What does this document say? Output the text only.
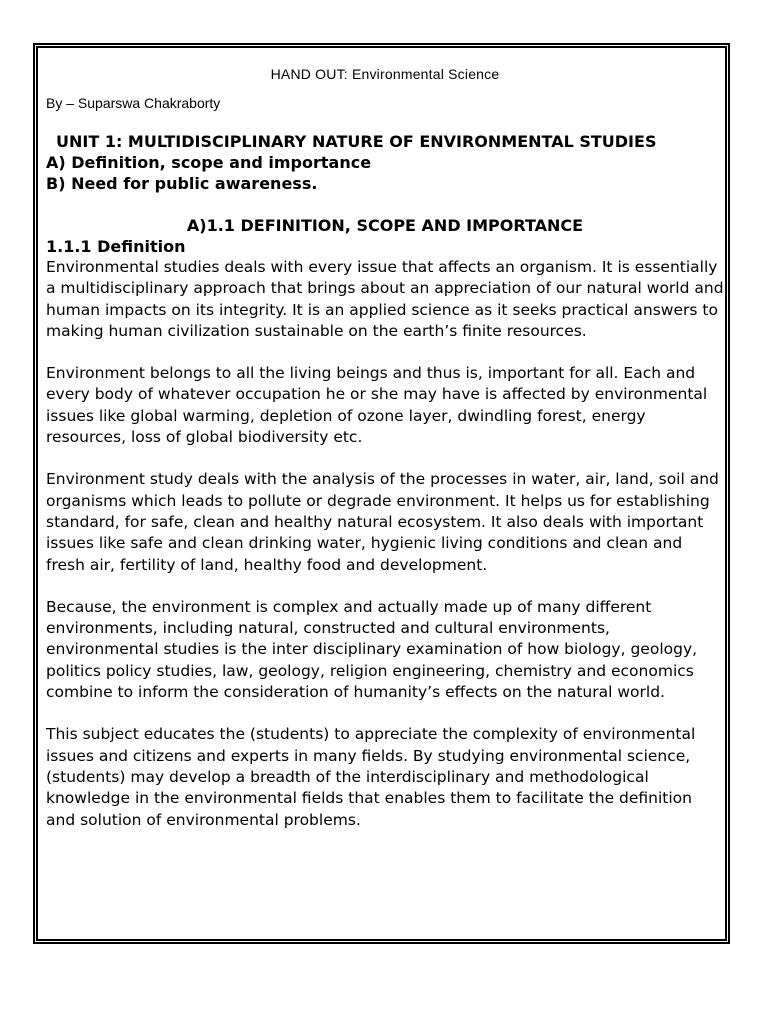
HAND OUT: Environmental Science
By – Suparswa Chakraborty
UNIT 1: MULTIDISCIPLINARY NATURE OF ENVIRONMENTAL STUDIES
A) Definition, scope and importance
B) Need for public awareness.
A)1.1 DEFINITION, SCOPE AND IMPORTANCE
1.1.1 Definition

Environmental studies deals with every issue that affects an organism. It is essentially a multidisciplinary approach that brings about an appreciation of our natural world and human impacts on its integrity. It is an applied science as it seeks practical answers to making human civilization sustainable on the earth’s finite resources.

Environment belongs to all the living beings and thus is, important for all. Each and every body of whatever occupation he or she may have is affected by environmental issues like global warming, depletion of ozone layer, dwindling forest, energy resources, loss of global biodiversity etc.

Environment study deals with the analysis of the processes in water, air, land, soil and organisms which leads to pollute or degrade environment. It helps us for establishing standard, for safe, clean and healthy natural ecosystem. It also deals with important issues like safe and clean drinking water, hygienic living conditions and clean and fresh air, fertility of land, healthy food and development.

Because, the environment is complex and actually made up of many different environments, including natural, constructed and cultural environments, environmental studies is the inter disciplinary examination of how biology, geology, politics policy studies, law, geology, religion engineering, chemistry and economics combine to inform the consideration of humanity’s effects on the natural world.

This subject educates the (students) to appreciate the complexity of environmental issues and citizens and experts in many fields. By studying environmental science, (students) may develop a breadth of the interdisciplinary and methodological knowledge in the environmental fields that enables them to facilitate the definition and solution of environmental problems.
